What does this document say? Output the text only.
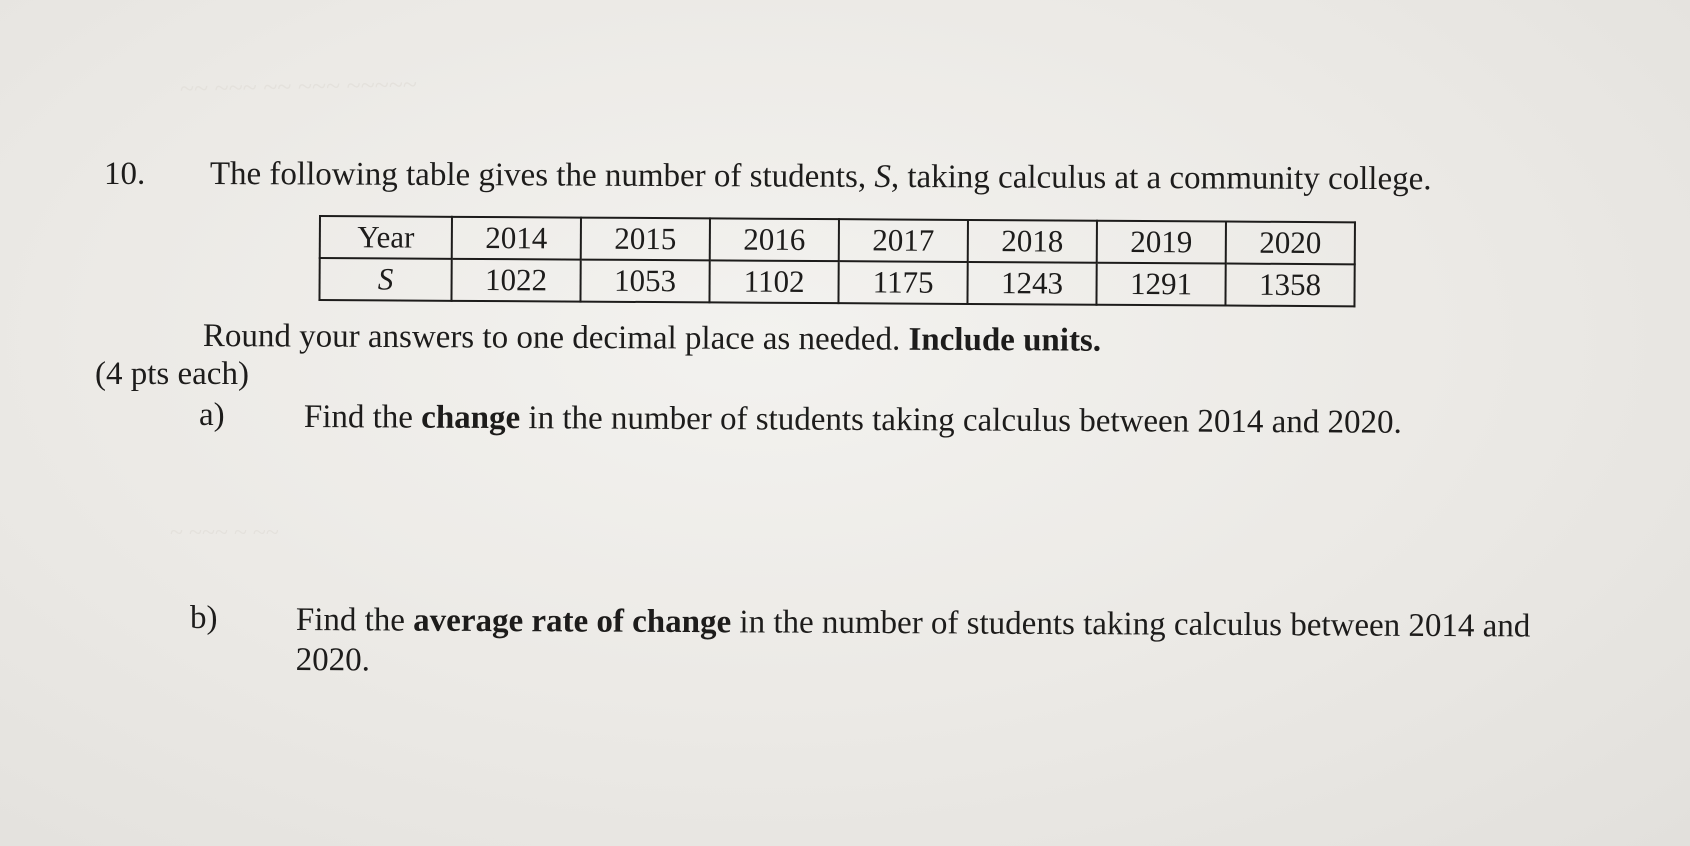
~~ ~~~ ~~ ~~~ ~~~~~
~ ~~~ ~ ~~
10. The following table gives the number of students, S, taking calculus at a community college.
Year	2014	2015	2016	2017	2018	2019	2020
S	1022	1053	1102	1175	1243	1291	1358
Round your answers to one decimal place as needed. Include units.
(4 pts each)
a) Find the change in the number of students taking calculus between 2014 and 2020.
b) Find the average rate of change in the number of students taking calculus between 2014 and 2020.
